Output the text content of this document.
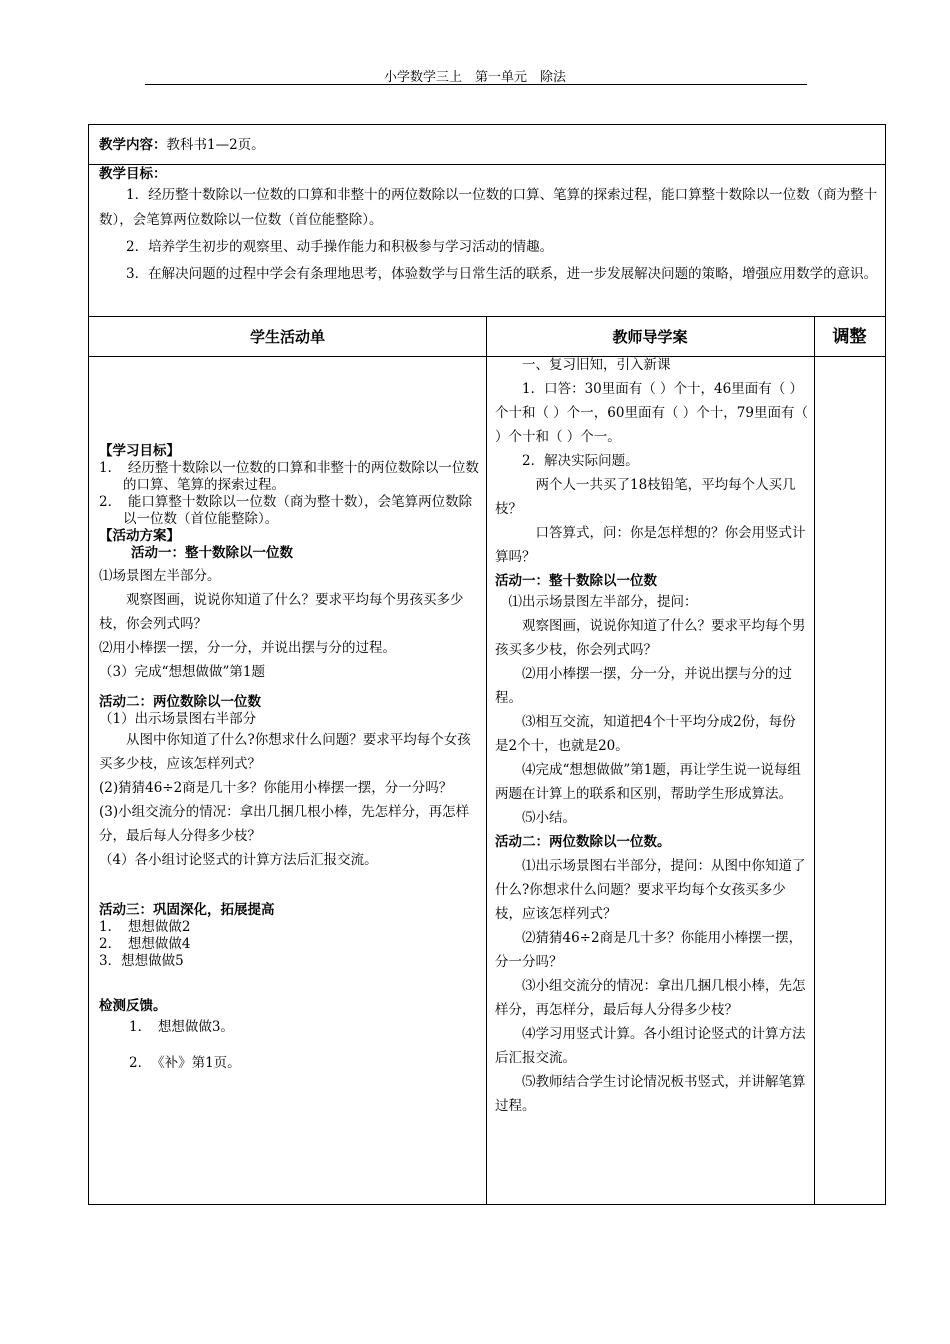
小学数学三上　第一单元　除法
教学内容：教科书1—2页。

教学目标：

1．经历整十数除以一位数的口算和非整十的两位数除以一位数的口算、笔算的探索过程，能口算整十数除以一位数（商为整十数），会笔算两位数除以一位数（首位能整除）。

2．培养学生初步的观察里、动手操作能力和积极参与学习活动的情趣。

3．在解决问题的过程中学会有条理地思考，体验数学与日常生活的联系，进一步发展解决问题的策略，增强应用数学的意识。

学生活动单	教师导学案	调整

【学习目标】

1．　经历整十数除以一位数的口算和非整十的两位数除以一位数的口算、笔算的探索过程。

2．　能口算整十数除以一位数（商为整十数），会笔算两位数除以一位数（首位能整除）。

【活动方案】

活动一：整十数除以一位数

⑴场景图左半部分。

观察图画，说说你知道了什么？要求平均每个男孩买多少枝，你会列式吗？

⑵用小棒摆一摆，分一分，并说出摆与分的过程。

（3）完成“想想做做”第1题

活动二：两位数除以一位数

（1）出示场景图右半部分

从图中你知道了什么?你想求什么问题？要求平均每个女孩买多少枝，应该怎样列式？

(2)猜猜46÷2商是几十多？你能用小棒摆一摆，分一分吗？

(3)小组交流分的情况：拿出几捆几根小棒，先怎样分，再怎样分，最后每人分得多少枝？

（4）各小组讨论竖式的计算方法后汇报交流。

活动三：巩固深化，拓展提高

1．　想想做做2

2．　想想做做4

3．想想做做5

检测反馈。

1．　想想做做3。

2．　《补》第1页。

一、复习旧知，引入新课

1．口答：30里面有（ ）个十，46里面有（ ）个十和（ ）个一，60里面有（ ）个十，79里面有（ ）个十和（ ）个一。

2．解决实际问题。

两个人一共买了18枝铅笔，平均每个人买几枝？

口答算式，问：你是怎样想的？你会用竖式计算吗？

活动一：整十数除以一位数

⑴出示场景图左半部分，提问：

观察图画，说说你知道了什么？要求平均每个男孩买多少枝，你会列式吗？

⑵用小棒摆一摆，分一分，并说出摆与分的过程。

⑶相互交流，知道把4个十平均分成2份，每份是2个十，也就是20。

⑷完成“想想做做”第1题，再让学生说一说每组两题在计算上的联系和区别，帮助学生形成算法。

⑸小结。

活动二：两位数除以一位数。

⑴出示场景图右半部分，提问：从图中你知道了什么?你想求什么问题？要求平均每个女孩买多少枝，应该怎样列式？

⑵猜猜46÷2商是几十多？你能用小棒摆一摆，分一分吗？

⑶小组交流分的情况：拿出几捆几根小棒，先怎样分，再怎样分，最后每人分得多少枝？

⑷学习用竖式计算。各小组讨论竖式的计算方法后汇报交流。

⑸教师结合学生讨论情况板书竖式，并讲解笔算过程。
